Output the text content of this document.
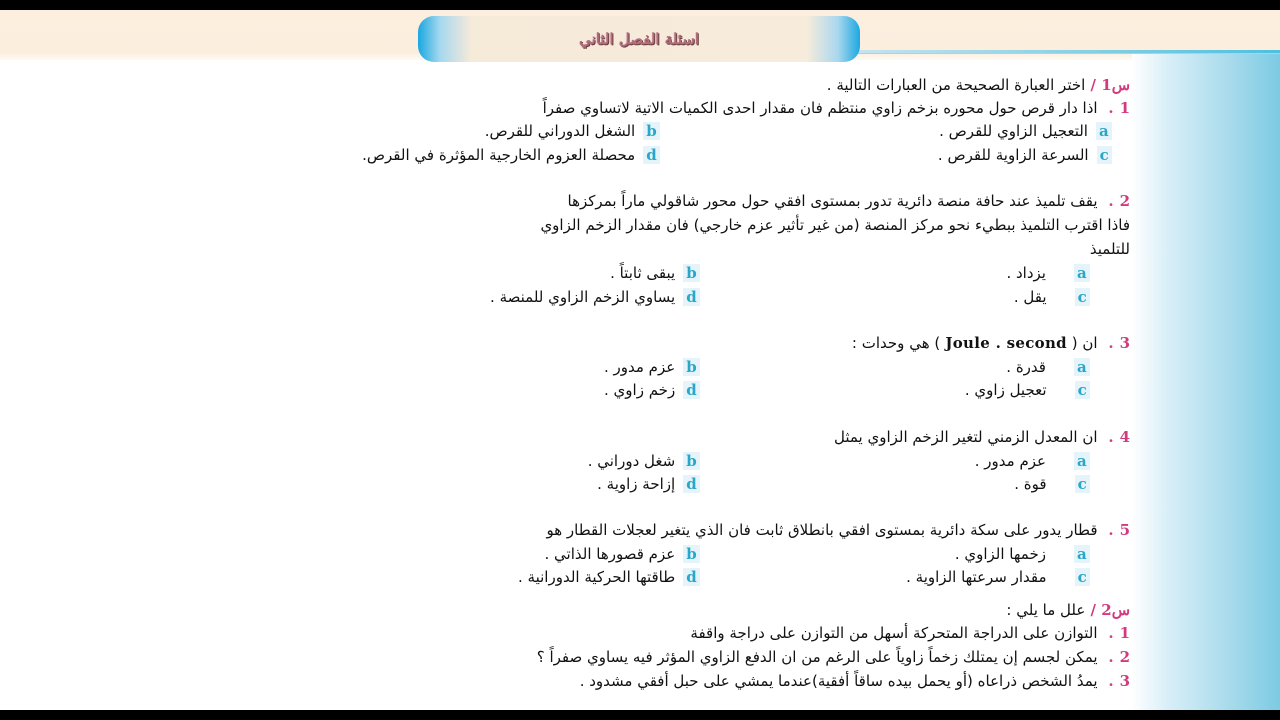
اسئلة الفصل الثاني
س1 / اختر العبارة الصحيحة من العبارات التالية .
1. اذا دار قرص حول محوره بزخم زاوي منتظم فان مقدار احدى الكميات الاتية لاتساوي صفراً
aالتعجيل الزاوي للقرص .
bالشغل الدوراني للقرص.
cالسرعة الزاوية للقرص .
dمحصلة العزوم الخارجية المؤثرة في القرص.
2. يقف تلميذ عند حافة منصة دائرية تدور بمستوى افقي حول محور شاقولي ماراً بمركزها
فاذا اقترب التلميذ ببطيء نحو مركز المنصة (من غير تأثير عزم خارجي) فان مقدار الزخم الزاوي
للتلميذ
aيزداد .
bيبقى ثابتاً .
cيقل .
dيساوي الزخم الزاوي للمنصة .
3. ان ( Joule . second ) هي وحدات :
aقدرة .
bعزم مدور .
cتعجيل زاوي .
dزخم زاوي .
4. ان المعدل الزمني لتغير الزخم الزاوي يمثل
aعزم مدور .
bشغل دوراني .
cقوة .
dإزاحة زاوية .
5. قطار يدور على سكة دائرية بمستوى افقي بانطلاق ثابت فان الذي يتغير لعجلات القطار هو
aزخمها الزاوي .
bعزم قصورها الذاتي .
cمقدار سرعتها الزاوية .
dطاقتها الحركية الدورانية .
س2 / علل ما يلي :
1. التوازن على الدراجة المتحركة أسهل من التوازن على دراجة واقفة
2. يمكن لجسم إن يمتلك زخماً زاوياً على الرغم من ان الدفع الزاوي المؤثر فيه يساوي صفراً ؟
3. يمدُ الشخص ذراعاه (أو يحمل بيده ساقاً أفقية)عندما يمشي على حبل أفقي مشدود .
